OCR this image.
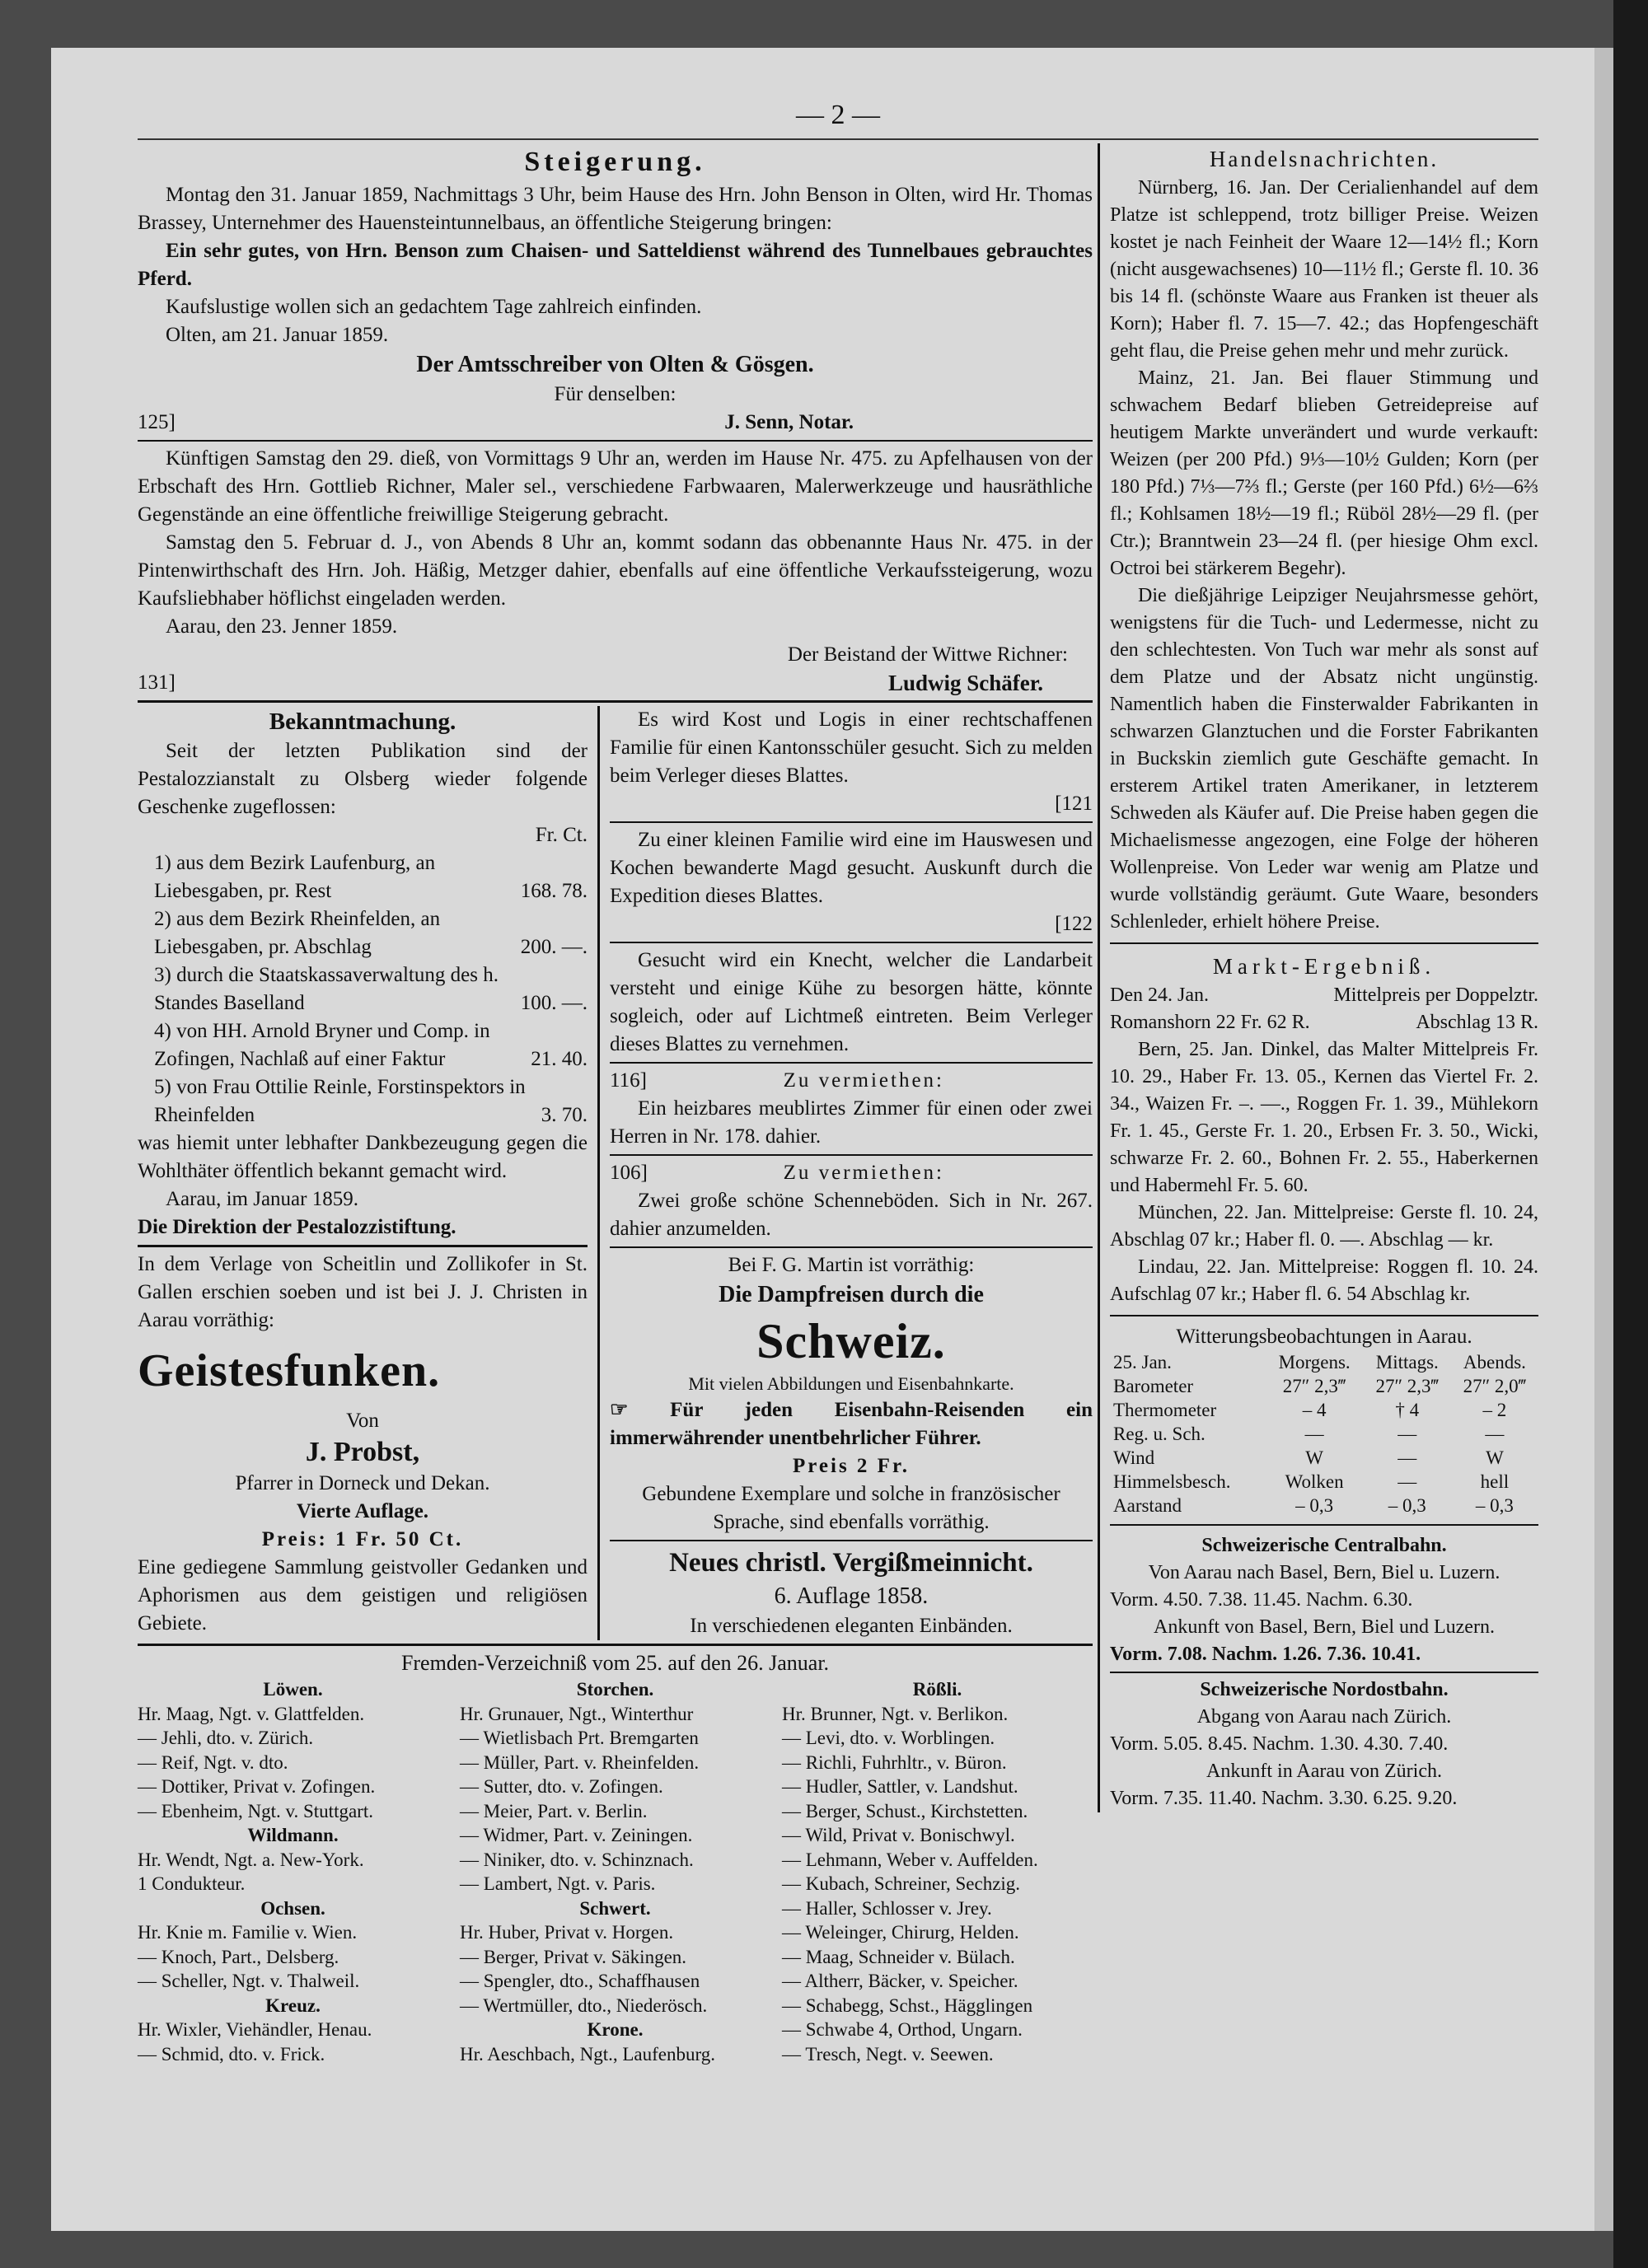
— 2 —
Steigerung.

Montag den 31. Januar 1859, Nachmittags 3 Uhr, beim Hause des Hrn. John Benson in Olten, wird Hr. Thomas Brassey, Unternehmer des Hauensteintunnelbaus, an öffentliche Steigerung bringen:

Ein sehr gutes, von Hrn. Benson zum Chaisen- und Satteldienst während des Tunnelbaues gebrauchtes Pferd.

Kaufslustige wollen sich an gedachtem Tage zahlreich einfinden.

Olten, am 21. Januar 1859.

Der Amtsschreiber von Olten & Gösgen.
Für denselben:
125]	J. Senn, Notar.

Künftigen Samstag den 29. dieß, von Vormittags 9 Uhr an, werden im Hause Nr. 475. zu Apfelhausen von der Erbschaft des Hrn. Gottlieb Richner, Maler sel., verschiedene Farbwaaren, Malerwerkzeuge und hausräthliche Gegenstände an eine öffentliche freiwillige Steigerung gebracht.

Samstag den 5. Februar d. J., von Abends 8 Uhr an, kommt sodann das obbenannte Haus Nr. 475. in der Pintenwirthschaft des Hrn. Joh. Häßig, Metzger dahier, ebenfalls auf eine öffentliche Verkaufssteigerung, wozu Kaufsliebhaber höflichst eingeladen werden.

Aarau, den 23. Jenner 1859.

Der Beistand der Wittwe Richner:
131]	Ludwig Schäfer.
Bekanntmachung.

Seit der letzten Publikation sind der Pestalozzianstalt zu Olsberg wieder folgende Geschenke zugeflossen:

Fr. Ct.
1) aus dem Bezirk Laufenburg, an Liebesgaben, pr. Rest	168. 78.
2) aus dem Bezirk Rheinfelden, an Liebesgaben, pr. Abschlag	200. —.
3) durch die Staatskassaverwaltung des h. Standes Baselland	100. —.
4) von HH. Arnold Bryner und Comp. in Zofingen, Nachlaß auf einer Faktur	21. 40.
5) von Frau Ottilie Reinle, Forstinspektors in Rheinfelden	3. 70.

was hiemit unter lebhafter Dankbezeugung gegen die Wohlthäter öffentlich bekannt gemacht wird.

Aarau, im Januar 1859.

Die Direktion der Pestalozzistiftung.

In dem Verlage von Scheitlin und Zollikofer in St. Gallen erschien soeben und ist bei J. J. Christen in Aarau vorräthig:

Geistesfunken.
Von
J. Probst,
Pfarrer in Dorneck und Dekan.
Vierte Auflage.
Preis: 1 Fr. 50 Ct.

Eine gediegene Sammlung geistvoller Gedanken und Aphorismen aus dem geistigen und religiösen Gebiete.

Es wird Kost und Logis in einer rechtschaffenen Familie für einen Kantonsschüler gesucht. Sich zu melden beim Verleger dieses Blattes.

[121

Zu einer kleinen Familie wird eine im Hauswesen und Kochen bewanderte Magd gesucht. Auskunft durch die Expedition dieses Blattes.

[122

Gesucht wird ein Knecht, welcher die Landarbeit versteht und einige Kühe zu besorgen hätte, könnte sogleich, oder auf Lichtmeß eintreten. Beim Verleger dieses Blattes zu vernehmen.

116]	Zu vermiethen:

Ein heizbares meublirtes Zimmer für einen oder zwei Herren in Nr. 178. dahier.

106]	Zu vermiethen:

Zwei große schöne Schenneböden. Sich in Nr. 267. dahier anzumelden.

Bei F. G. Martin ist vorräthig:
Die Dampfreisen durch die
Schweiz.
Mit vielen Abbildungen und Eisenbahnkarte.

☞ Für jeden Eisenbahn-Reisenden ein immerwährender unentbehrlicher Führer.

Preis 2 Fr.

Gebundene Exemplare und solche in französischer Sprache, sind ebenfalls vorräthig.

Neues christl. Vergißmeinnicht.
6. Auflage 1858.
In verschiedenen eleganten Einbänden.
Fremden-Verzeichniß vom 25. auf den 26. Januar.
Löwen.
Hr. Maag, Ngt. v. Glattfelden.
— Jehli, dto. v. Zürich.
— Reif, Ngt. v. dto.
— Dottiker, Privat v. Zofingen.
— Ebenheim, Ngt. v. Stuttgart.
Wildmann.
Hr. Wendt, Ngt. a. New-York.
1 Condukteur.
Ochsen.
Hr. Knie m. Familie v. Wien.
— Knoch, Part., Delsberg.
— Scheller, Ngt. v. Thalweil.
Kreuz.
Hr. Wixler, Viehändler, Henau.
— Schmid, dto. v. Frick.
Storchen.
Hr. Grunauer, Ngt., Winterthur
— Wietlisbach Prt. Bremgarten
— Müller, Part. v. Rheinfelden.
— Sutter, dto. v. Zofingen.
— Meier, Part. v. Berlin.
— Widmer, Part. v. Zeiningen.
— Niniker, dto. v. Schinznach.
— Lambert, Ngt. v. Paris.
Schwert.
Hr. Huber, Privat v. Horgen.
— Berger, Privat v. Säkingen.
— Spengler, dto., Schaffhausen
— Wertmüller, dto., Niederösch.
Krone.
Hr. Aeschbach, Ngt., Laufenburg.
Rößli.
Hr. Brunner, Ngt. v. Berlikon.
— Levi, dto. v. Worblingen.
— Richli, Fuhrhltr., v. Büron.
— Hudler, Sattler, v. Landshut.
— Berger, Schust., Kirchstetten.
— Wild, Privat v. Bonischwyl.
— Lehmann, Weber v. Auffelden.
— Kubach, Schreiner, Sechzig.
— Haller, Schlosser v. Jrey.
— Weleinger, Chirurg, Helden.
— Maag, Schneider v. Bülach.
— Altherr, Bäcker, v. Speicher.
— Schabegg, Schst., Hägglingen
— Schwabe 4, Orthod, Ungarn.
— Tresch, Negt. v. Seewen.
Handelsnachrichten.

Nürnberg, 16. Jan. Der Cerialienhandel auf dem Platze ist schleppend, trotz billiger Preise. Weizen kostet je nach Feinheit der Waare 12—14½ fl.; Korn (nicht ausgewachsenes) 10—11½ fl.; Gerste fl. 10. 36 bis 14 fl. (schönste Waare aus Franken ist theuer als Korn); Haber fl. 7. 15—7. 42.; das Hopfengeschäft geht flau, die Preise gehen mehr und mehr zurück.

Mainz, 21. Jan. Bei flauer Stimmung und schwachem Bedarf blieben Getreidepreise auf heutigem Markte unverändert und wurde verkauft: Weizen (per 200 Pfd.) 9⅓—10½ Gulden; Korn (per 180 Pfd.) 7⅓—7⅔ fl.; Gerste (per 160 Pfd.) 6½—6⅔ fl.; Kohlsamen 18½—19 fl.; Rüböl 28½—29 fl. (per Ctr.); Branntwein 23—24 fl. (per hiesige Ohm excl. Octroi bei stärkerem Begehr).

Die dießjährige Leipziger Neujahrsmesse gehört, wenigstens für die Tuch- und Ledermesse, nicht zu den schlechtesten. Von Tuch war mehr als sonst auf dem Platze und der Absatz nicht ungünstig. Namentlich haben die Finsterwalder Fabrikanten in schwarzen Glanztuchen und die Forster Fabrikanten in Buckskin ziemlich gute Geschäfte gemacht. In ersterem Artikel traten Amerikaner, in letzterem Schweden als Käufer auf. Die Preise haben gegen die Michaelismesse angezogen, eine Folge der höheren Wollenpreise. Von Leder war wenig am Platze und wurde vollständig geräumt. Gute Waare, besonders Schlenleder, erhielt höhere Preise.

Markt-Ergebniß.
Den 24. Jan.	Mittelpreis per Doppelztr.
Romanshorn 22 Fr. 62 R.	Abschlag 13 R.

Bern, 25. Jan. Dinkel, das Malter Mittelpreis Fr. 10. 29., Haber Fr. 13. 05., Kernen das Viertel Fr. 2. 34., Waizen Fr. –. —., Roggen Fr. 1. 39., Mühlekorn Fr. 1. 45., Gerste Fr. 1. 20., Erbsen Fr. 3. 50., Wicki, schwarze Fr. 2. 60., Bohnen Fr. 2. 55., Haberkernen und Habermehl Fr. 5. 60.

München, 22. Jan. Mittelpreise: Gerste fl. 10. 24, Abschlag 07 kr.; Haber fl. 0. —. Abschlag — kr.

Lindau, 22. Jan. Mittelpreise: Roggen fl. 10. 24. Aufschlag 07 kr.; Haber fl. 6. 54 Abschlag kr.

Witterungsbeobachtungen in Aarau.
25. Jan.	Morgens.	Mittags.	Abends.
Barometer	27″ 2,3‴	27″ 2,3‴	27″ 2,0‴
Thermometer	– 4	† 4	– 2
Reg. u. Sch.	—	—	—
Wind	W	—	W
Himmelsbesch.	Wolken	—	hell
Aarstand	– 0,3	– 0,3	– 0,3
Schweizerische Centralbahn.
Von Aarau nach Basel, Bern, Biel u. Luzern.
Vorm. 4.50. 7.38. 11.45. Nachm. 6.30.
Ankunft von Basel, Bern, Biel und Luzern.
Vorm. 7.08. Nachm. 1.26. 7.36. 10.41.
Schweizerische Nordostbahn.
Abgang von Aarau nach Zürich.
Vorm. 5.05. 8.45. Nachm. 1.30. 4.30. 7.40.
Ankunft in Aarau von Zürich.
Vorm. 7.35. 11.40. Nachm. 3.30. 6.25. 9.20.
